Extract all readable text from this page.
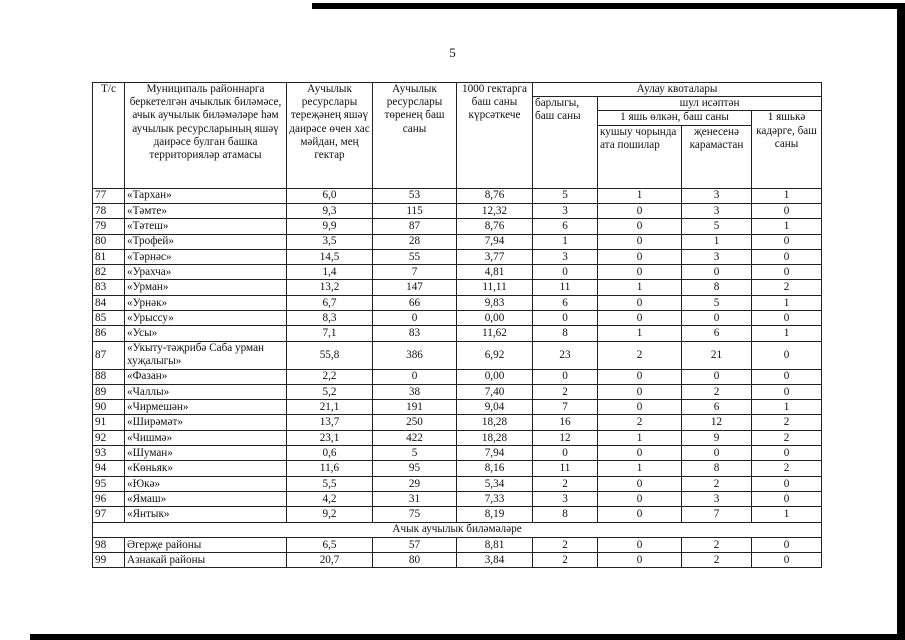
5
Т/с	Муниципаль районнарга беркетелгән ачыклык биләмәсе, ачык аучылык биләмәләре һәм аучылык ресурсларының яшәү даирәсе булган башка территорияләр атамасы	Аучылык ресурслары тереҗәнең яшәү даирәсе өчен хас мәйдан, мең гектар	Аучылык ресурслары төренең баш саны	1000 гектарга баш саны күрсәткече	Аулау квоталары			
					барлыгы, баш саны	шул исәптән		
						1 яшь өлкән, баш саны		1 яшькә кадәрге, баш саны
						кушыу чорында ата пошилар	җенесенә карамастан	
77	«Тархан»	6,0	53	8,76	5	1	3	1
78	«Тәмте»	9,3	115	12,32	3	0	3	0
79	«Тәтеш»	9,9	87	8,76	6	0	5	1
80	«Трофей»	3,5	28	7,94	1	0	1	0
81	«Тәрнәс»	14,5	55	3,77	3	0	3	0
82	«Урахча»	1,4	7	4,81	0	0	0	0
83	«Урман»	13,2	147	11,11	11	1	8	2
84	«Урнәк»	6,7	66	9,83	6	0	5	1
85	«Урыссу»	8,3	0	0,00	0	0	0	0
86	«Усы»	7,1	83	11,62	8	1	6	1
87	«Укыту-тәҗрибә Саба урман хуҗалыгы»	55,8	386	6,92	23	2	21	0
88	«Фазан»	2,2	0	0,00	0	0	0	0
89	«Чаллы»	5,2	38	7,40	2	0	2	0
90	«Чирмешән»	21,1	191	9,04	7	0	6	1
91	«Ширәмәт»	13,7	250	18,28	16	2	12	2
92	«Чишмә»	23,1	422	18,28	12	1	9	2
93	«Шуман»	0,6	5	7,94	0	0	0	0
94	«Көньяк»	11,6	95	8,16	11	1	8	2
95	«Юкә»	5,5	29	5,34	2	0	2	0
96	«Ямаш»	4,2	31	7,33	3	0	3	0
97	«Янтык»	9,2	75	8,19	8	0	7	1
Ачык аучылык биләмәләре								
98	Әгерҗе районы	6,5	57	8,81	2	0	2	0
99	Азнакай районы	20,7	80	3,84	2	0	2	0
